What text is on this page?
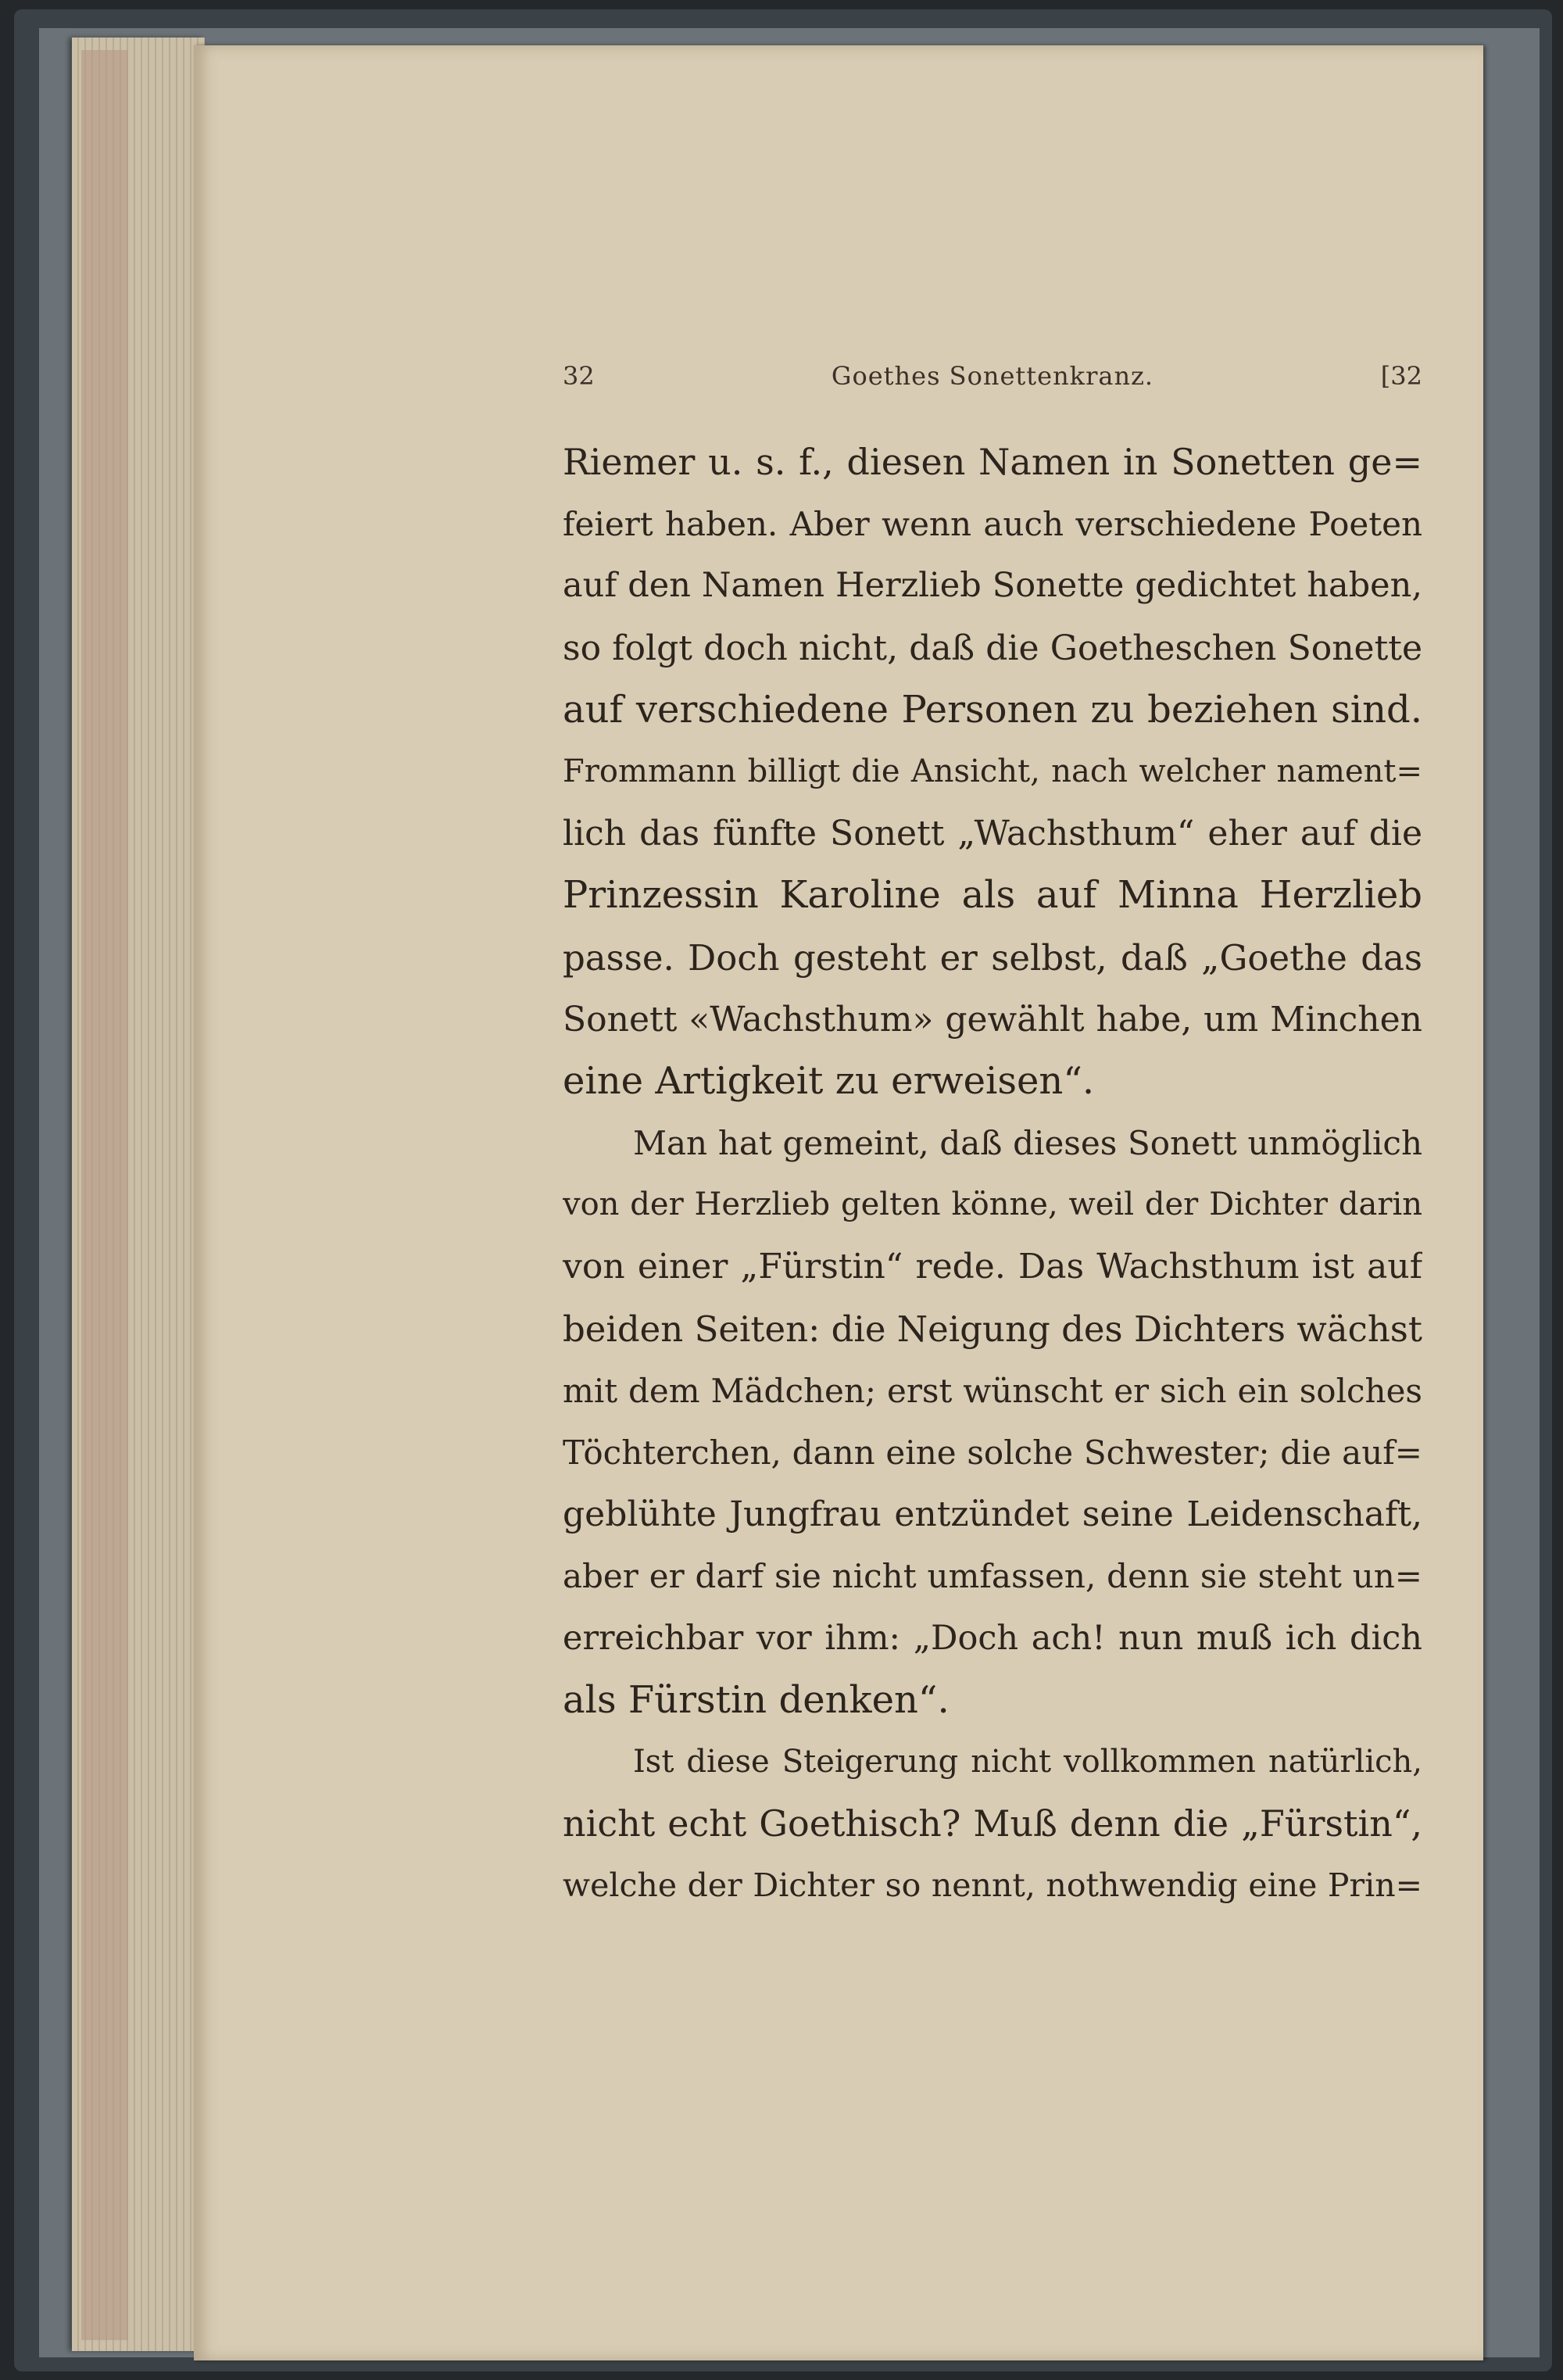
32	Goethes Sonettenkranz.	[32
Riemer u. s. f., diesen Namen in Sonetten ge=
feiert haben. Aber wenn auch verschiedene Poeten
auf den Namen Herzlieb Sonette gedichtet haben,
so folgt doch nicht, daß die Goetheschen Sonette
auf verschiedene Personen zu beziehen sind.
Frommann billigt die Ansicht, nach welcher nament=
lich das fünfte Sonett „Wachsthum“ eher auf die
Prinzessin Karoline als auf Minna Herzlieb
passe. Doch gesteht er selbst, daß „Goethe das
Sonett «Wachsthum» gewählt habe, um Minchen
eine Artigkeit zu erweisen“.
Man hat gemeint, daß dieses Sonett unmöglich
von der Herzlieb gelten könne, weil der Dichter darin
von einer „Fürstin“ rede. Das Wachsthum ist auf
beiden Seiten: die Neigung des Dichters wächst
mit dem Mädchen; erst wünscht er sich ein solches
Töchterchen, dann eine solche Schwester; die auf=
geblühte Jungfrau entzündet seine Leidenschaft,
aber er darf sie nicht umfassen, denn sie steht un=
erreichbar vor ihm: „Doch ach! nun muß ich dich
als Fürstin denken“.
Ist diese Steigerung nicht vollkommen natürlich,
nicht echt Goethisch? Muß denn die „Fürstin“,
welche der Dichter so nennt, nothwendig eine Prin=
